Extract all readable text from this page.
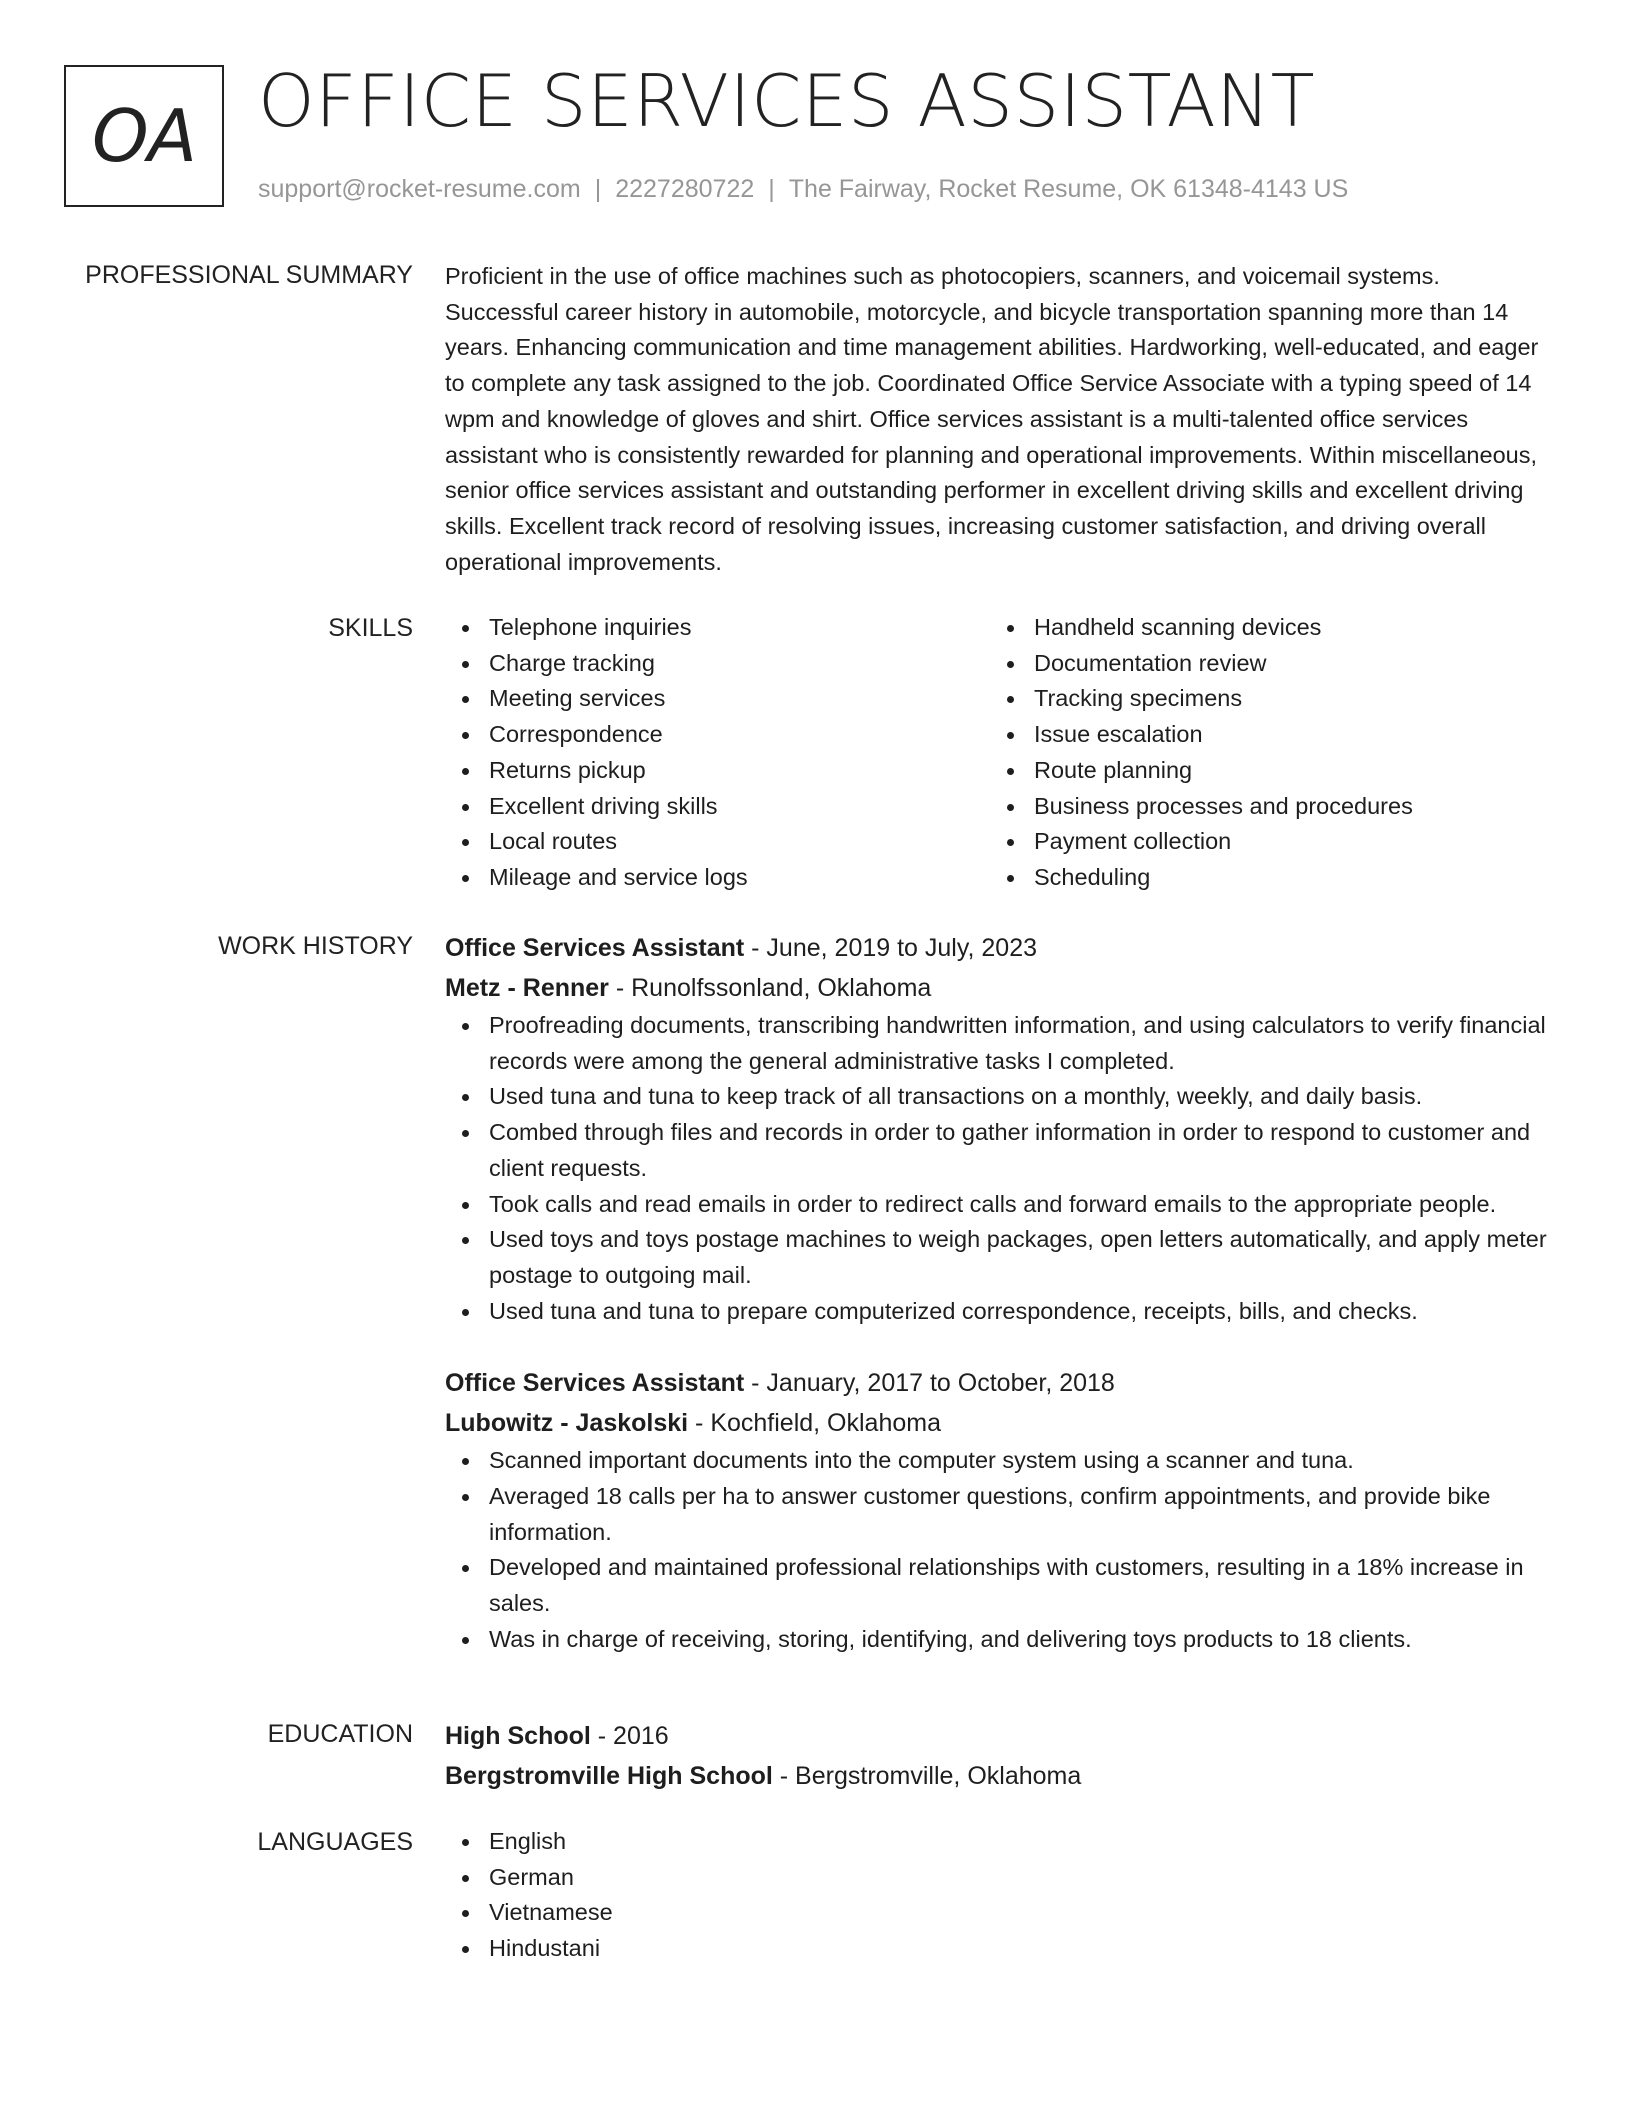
OA OFFICE SERVICES ASSISTANT
support@rocket-resume.com | 2227280722 | The Fairway, Rocket Resume, OK 61348-4143 US
PROFESSIONAL SUMMARY Proficient in the use of office machines such as photocopiers, scanners, and voicemail systems. Successful career history in automobile, motorcycle, and bicycle transportation spanning more than 14 years. Enhancing communication and time management abilities. Hardworking, well-educated, and eager to complete any task assigned to the job. Coordinated Office Service Associate with a typing speed of 14 wpm and knowledge of gloves and shirt. Office services assistant is a multi-talented office services assistant who is consistently rewarded for planning and operational improvements. Within miscellaneous, senior office services assistant and outstanding performer in excellent driving skills and excellent driving skills. Excellent track record of resolving issues, increasing customer satisfaction, and driving overall operational improvements.

SKILLS	Telephone inquiries
Charge tracking
Meeting services
Correspondence
Returns pickup
Excellent driving skills
Local routes
Mileage and service logs
Handheld scanning devices
Documentation review
Tracking specimens
Issue escalation
Route planning
Business processes and procedures
Payment collection
Scheduling
WORK HISTORY Office Services Assistant - June, 2019 to July, 2023
Metz - Renner - Runolfssonland, Oklahoma
Proofreading documents, transcribing handwritten information, and using calculators to verify financial records were among the general administrative tasks I completed.
Used tuna and tuna to keep track of all transactions on a monthly, weekly, and daily basis.
Combed through files and records in order to gather information in order to respond to customer and client requests.
Took calls and read emails in order to redirect calls and forward emails to the appropriate people.
Used toys and toys postage machines to weigh packages, open letters automatically, and apply meter postage to outgoing mail.
Used tuna and tuna to prepare computerized correspondence, receipts, bills, and checks.
Office Services Assistant - January, 2017 to October, 2018
Lubowitz - Jaskolski - Kochfield, Oklahoma
Scanned important documents into the computer system using a scanner and tuna.
Averaged 18 calls per ha to answer customer questions, confirm appointments, and provide bike information.
Developed and maintained professional relationships with customers, resulting in a 18% increase in sales.
Was in charge of receiving, storing, identifying, and delivering toys products to 18 clients.
EDUCATION High School - 2016
Bergstromville High School - Bergstromville, Oklahoma
LANGUAGES	English
German
Vietnamese
Hindustani
